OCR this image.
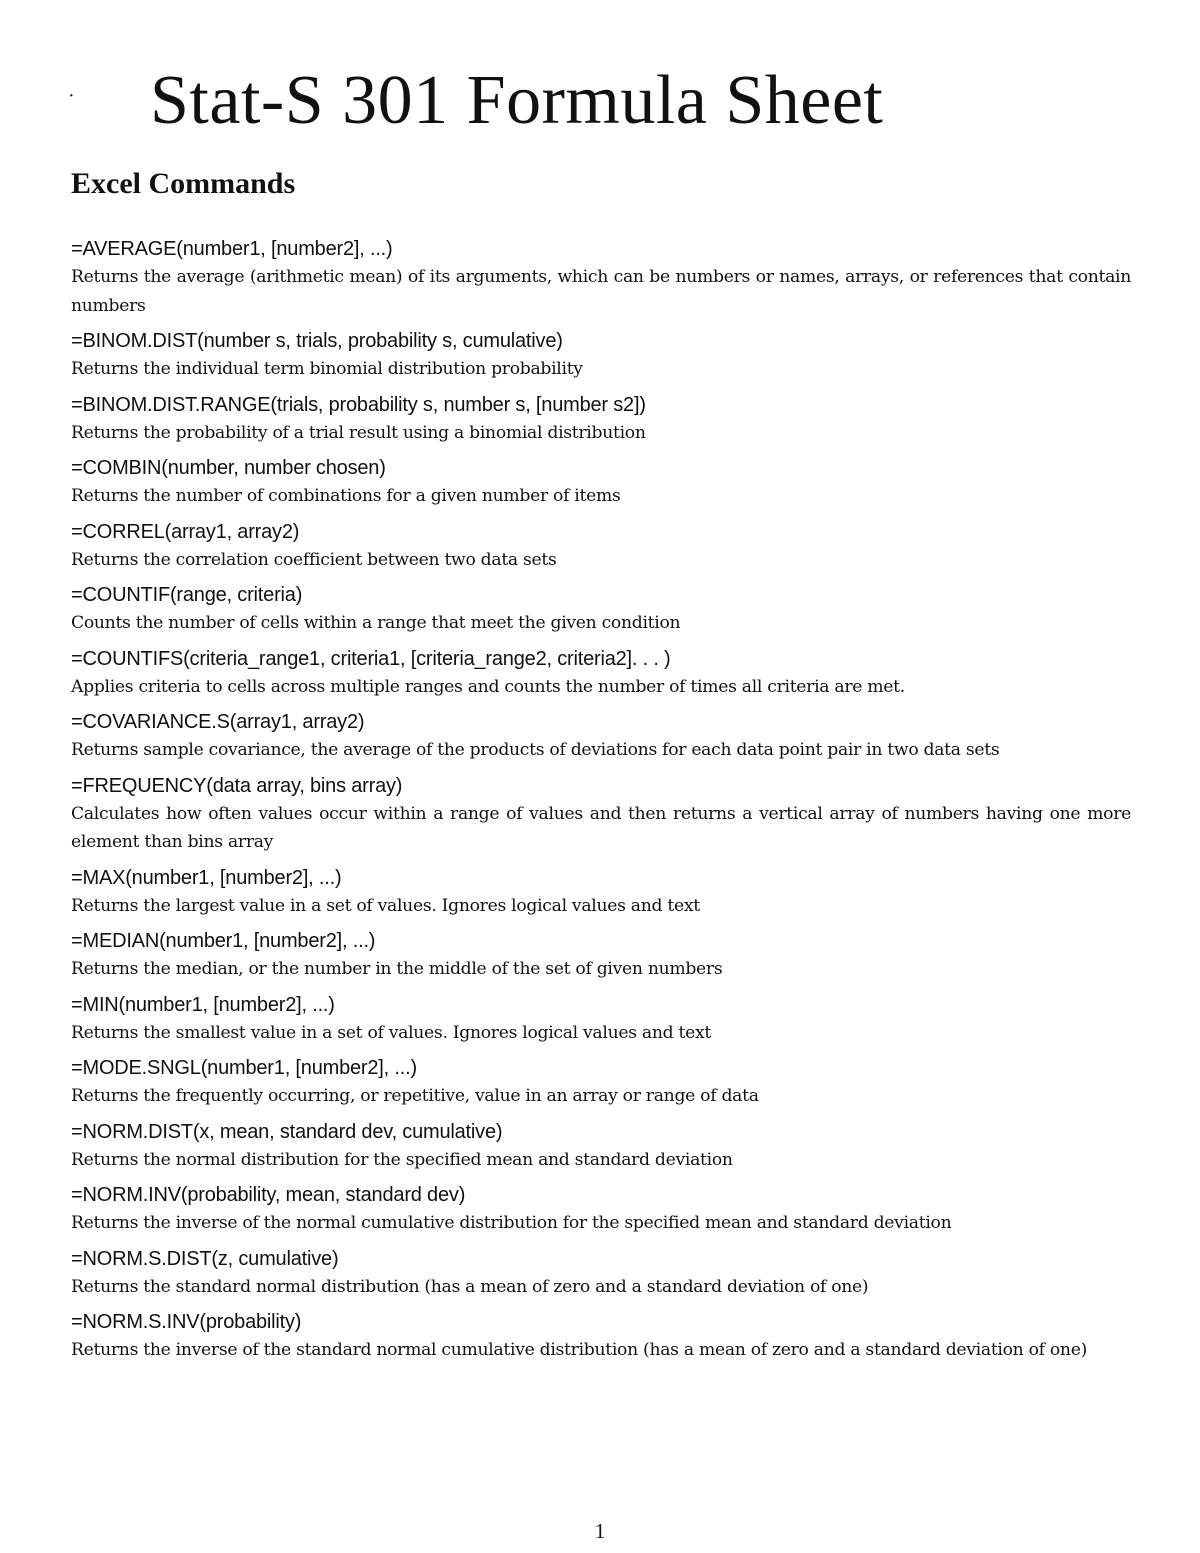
· Stat-S 301 Formula Sheet
Excel Commands
=AVERAGE(number1, [number2], ...)
Returns the average (arithmetic mean) of its arguments, which can be numbers or names, arrays, or references that contain numbers
=BINOM.DIST(number s, trials, probability s, cumulative)
Returns the individual term binomial distribution probability
=BINOM.DIST.RANGE(trials, probability s, number s, [number s2])
Returns the probability of a trial result using a binomial distribution
=COMBIN(number, number chosen)
Returns the number of combinations for a given number of items
=CORREL(array1, array2)
Returns the correlation coefficient between two data sets
=COUNTIF(range, criteria)
Counts the number of cells within a range that meet the given condition
=COUNTIFS(criteria_range1, criteria1, [criteria_range2, criteria2]. . . )
Applies criteria to cells across multiple ranges and counts the number of times all criteria are met.
=COVARIANCE.S(array1, array2)
Returns sample covariance, the average of the products of deviations for each data point pair in two data sets
=FREQUENCY(data array, bins array)
Calculates how often values occur within a range of values and then returns a vertical array of numbers having one more element than bins array
=MAX(number1, [number2], ...)
Returns the largest value in a set of values. Ignores logical values and text
=MEDIAN(number1, [number2], ...)
Returns the median, or the number in the middle of the set of given numbers
=MIN(number1, [number2], ...)
Returns the smallest value in a set of values. Ignores logical values and text
=MODE.SNGL(number1, [number2], ...)
Returns the frequently occurring, or repetitive, value in an array or range of data
=NORM.DIST(x, mean, standard dev, cumulative)
Returns the normal distribution for the specified mean and standard deviation
=NORM.INV(probability, mean, standard dev)
Returns the inverse of the normal cumulative distribution for the specified mean and standard deviation
=NORM.S.DIST(z, cumulative)
Returns the standard normal distribution (has a mean of zero and a standard deviation of one)
=NORM.S.INV(probability)
Returns the inverse of the standard normal cumulative distribution (has a mean of zero and a standard deviation of one)
1
